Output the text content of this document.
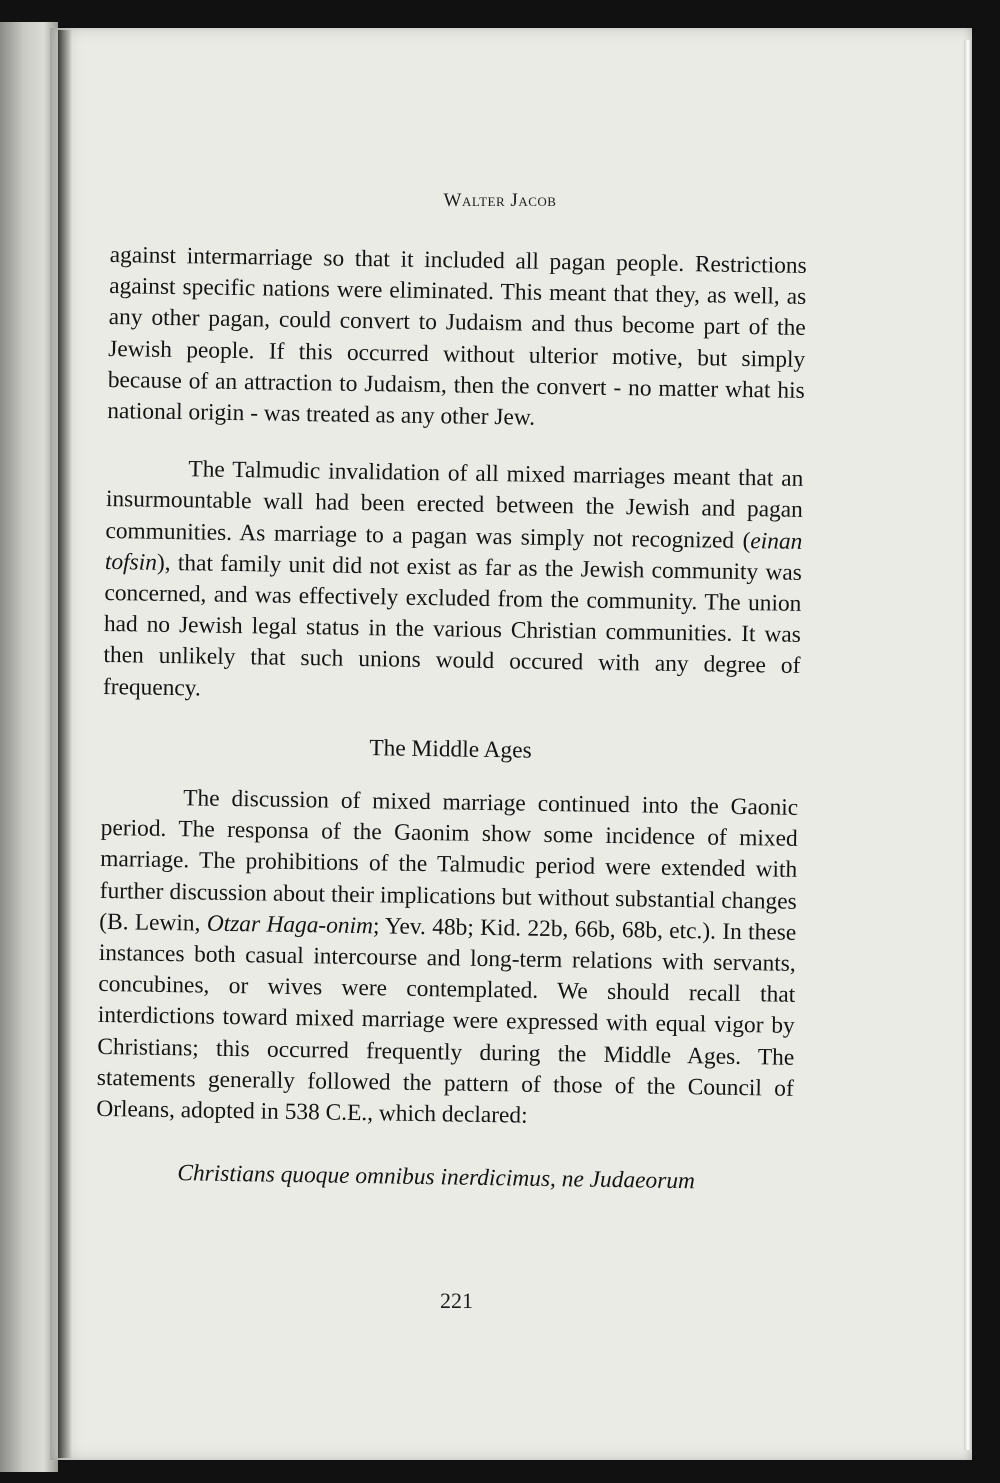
Walter Jacob

against intermarriage so that it included all pagan people. Restrictions against specific nations were eliminated. This meant that they, as well, as any other pagan, could convert to Judaism and thus become part of the Jewish people. If this occurred without ulterior motive, but simply because of an attraction to Judaism, then the convert - no matter what his national origin - was treated as any other Jew.

The Talmudic invalidation of all mixed marriages meant that an insurmountable wall had been erected between the Jewish and pagan communities. As marriage to a pagan was simply not recognized (einan tofsin), that family unit did not exist as far as the Jewish community was concerned, and was effectively excluded from the community. The union had no Jewish legal status in the various Christian communities. It was then unlikely that such unions would occured with any degree of frequency.

The Middle Ages

The discussion of mixed marriage continued into the Gaonic period. The responsa of the Gaonim show some incidence of mixed marriage. The prohibitions of the Talmudic period were extended with further discussion about their implications but without substantial changes (B. Lewin, Otzar Haga-onim; Yev. 48b; Kid. 22b, 66b, 68b, etc.). In these instances both casual intercourse and long-term relations with servants, concubines, or wives were contemplated. We should recall that interdictions toward mixed marriage were expressed with equal vigor by Christians; this occurred frequently during the Middle Ages. The statements generally followed the pattern of those of the Council of Orleans, adopted in 538 C.E., which declared:

Christians quoque omnibus inerdicimus, ne Judaeorum

221
